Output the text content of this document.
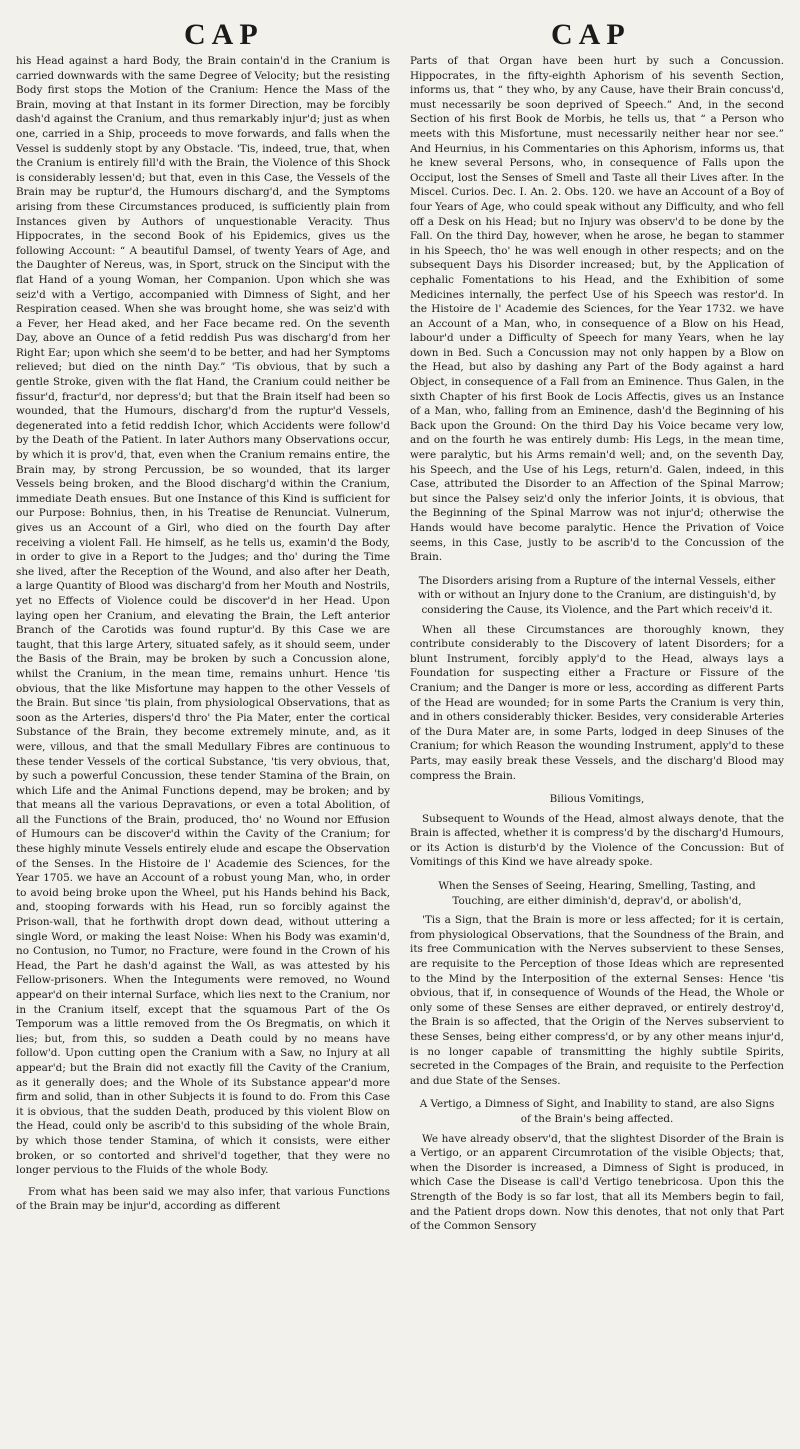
CAP	CAP

his Head against a hard Body, the Brain contain'd in the Cranium is carried downwards with the same Degree of Velocity; but the resisting Body first stops the Motion of the Cranium: Hence the Mass of the Brain, moving at that Instant in its former Direction, may be forcibly dash'd against the Cranium, and thus remarkably injur'd; just as when one, carried in a Ship, proceeds to move forwards, and falls when the Vessel is suddenly stopt by any Obstacle. 'Tis, indeed, true, that, when the Cranium is entirely fill'd with the Brain, the Violence of this Shock is considerably lessen'd; but that, even in this Case, the Vessels of the Brain may be ruptur'd, the Humours discharg'd, and the Symptoms arising from these Circumstances produced, is sufficiently plain from Instances given by Authors of unquestionable Veracity. Thus Hippocrates, in the second Book of his Epidemics, gives us the following Account: “ A beautiful Damsel, of twenty Years of Age, and the Daughter of Nereus, was, in Sport, struck on the Sinciput with the flat Hand of a young Woman, her Companion. Upon which she was seiz'd with a Vertigo, accompanied with Dimness of Sight, and her Respiration ceased. When she was brought home, she was seiz'd with a Fever, her Head aked, and her Face became red. On the seventh Day, above an Ounce of a fetid reddish Pus was discharg'd from her Right Ear; upon which she seem'd to be better, and had her Symptoms relieved; but died on the ninth Day.” 'Tis obvious, that by such a gentle Stroke, given with the flat Hand, the Cranium could neither be fissur'd, fractur'd, nor depress'd; but that the Brain itself had been so wounded, that the Humours, discharg'd from the ruptur'd Vessels, degenerated into a fetid reddish Ichor, which Accidents were follow'd by the Death of the Patient. In later Authors many Observations occur, by which it is prov'd, that, even when the Cranium remains entire, the Brain may, by strong Percussion, be so wounded, that its larger Vessels being broken, and the Blood discharg'd within the Cranium, immediate Death ensues. But one Instance of this Kind is sufficient for our Purpose: Bohnius, then, in his Treatise de Renunciat. Vulnerum, gives us an Account of a Girl, who died on the fourth Day after receiving a violent Fall. He himself, as he tells us, examin'd the Body, in order to give in a Report to the Judges; and tho' during the Time she lived, after the Reception of the Wound, and also after her Death, a large Quantity of Blood was discharg'd from her Mouth and Nostrils, yet no Effects of Violence could be discover'd in her Head. Upon laying open her Cranium, and elevating the Brain, the Left anterior Branch of the Carotids was found ruptur'd. By this Case we are taught, that this large Artery, situated safely, as it should seem, under the Basis of the Brain, may be broken by such a Concussion alone, whilst the Cranium, in the mean time, remains unhurt. Hence 'tis obvious, that the like Misfortune may happen to the other Vessels of the Brain. But since 'tis plain, from physiological Observations, that as soon as the Arteries, dispers'd thro' the Pia Mater, enter the cortical Substance of the Brain, they become extremely minute, and, as it were, villous, and that the small Medullary Fibres are continuous to these tender Vessels of the cortical Substance, 'tis very obvious, that, by such a powerful Concussion, these tender Stamina of the Brain, on which Life and the Animal Functions depend, may be broken; and by that means all the various Depravations, or even a total Abolition, of all the Functions of the Brain, produced, tho' no Wound nor Effusion of Humours can be discover'd within the Cavity of the Cranium; for these highly minute Vessels entirely elude and escape the Observation of the Senses. In the Histoire de l' Academie des Sciences, for the Year 1705. we have an Account of a robust young Man, who, in order to avoid being broke upon the Wheel, put his Hands behind his Back, and, stooping forwards with his Head, run so forcibly against the Prison-wall, that he forthwith dropt down dead, without uttering a single Word, or making the least Noise: When his Body was examin'd, no Contusion, no Tumor, no Fracture, were found in the Crown of his Head, the Part he dash'd against the Wall, as was attested by his Fellow-prisoners. When the Integuments were removed, no Wound appear'd on their internal Surface, which lies next to the Cranium, nor in the Cranium itself, except that the squamous Part of the Os Temporum was a little removed from the Os Bregmatis, on which it lies; but, from this, so sudden a Death could by no means have follow'd. Upon cutting open the Cranium with a Saw, no Injury at all appear'd; but the Brain did not exactly fill the Cavity of the Cranium, as it generally does; and the Whole of its Substance appear'd more firm and solid, than in other Subjects it is found to do. From this Case it is obvious, that the sudden Death, produced by this violent Blow on the Head, could only be ascrib'd to this subsiding of the whole Brain, by which those tender Stamina, of which it consists, were either broken, or so contorted and shrivel'd together, that they were no longer pervious to the Fluids of the whole Body.

From what has been said we may also infer, that various Functions of the Brain may be injur'd, according as different

Parts of that Organ have been hurt by such a Concussion. Hippocrates, in the fifty-eighth Aphorism of his seventh Section, informs us, that “ they who, by any Cause, have their Brain concuss'd, must necessarily be soon deprived of Speech.” And, in the second Section of his first Book de Morbis, he tells us, that “ a Person who meets with this Misfortune, must necessarily neither hear nor see.” And Heurnius, in his Commentaries on this Aphorism, informs us, that he knew several Persons, who, in consequence of Falls upon the Occiput, lost the Senses of Smell and Taste all their Lives after. In the Miscel. Curios. Dec. I. An. 2. Obs. 120. we have an Account of a Boy of four Years of Age, who could speak without any Difficulty, and who fell off a Desk on his Head; but no Injury was observ'd to be done by the Fall. On the third Day, however, when he arose, he began to stammer in his Speech, tho' he was well enough in other respects; and on the subsequent Days his Disorder increased; but, by the Application of cephalic Fomentations to his Head, and the Exhibition of some Medicines internally, the perfect Use of his Speech was restor'd. In the Histoire de l' Academie des Sciences, for the Year 1732. we have an Account of a Man, who, in consequence of a Blow on his Head, labour'd under a Difficulty of Speech for many Years, when he lay down in Bed. Such a Concussion may not only happen by a Blow on the Head, but also by dashing any Part of the Body against a hard Object, in consequence of a Fall from an Eminence. Thus Galen, in the sixth Chapter of his first Book de Locis Affectis, gives us an Instance of a Man, who, falling from an Eminence, dash'd the Beginning of his Back upon the Ground: On the third Day his Voice became very low, and on the fourth he was entirely dumb: His Legs, in the mean time, were paralytic, but his Arms remain'd well; and, on the seventh Day, his Speech, and the Use of his Legs, return'd. Galen, indeed, in this Case, attributed the Disorder to an Affection of the Spinal Marrow; but since the Palsey seiz'd only the inferior Joints, it is obvious, that the Beginning of the Spinal Marrow was not injur'd; otherwise the Hands would have become paralytic. Hence the Privation of Voice seems, in this Case, justly to be ascrib'd to the Concussion of the Brain.

The Disorders arising from a Rupture of the internal Vessels, either with or without an Injury done to the Cranium, are distinguish'd, by considering the Cause, its Violence, and the Part which receiv'd it.

When all these Circumstances are thoroughly known, they contribute considerably to the Discovery of latent Disorders; for a blunt Instrument, forcibly apply'd to the Head, always lays a Foundation for suspecting either a Fracture or Fissure of the Cranium; and the Danger is more or less, according as different Parts of the Head are wounded; for in some Parts the Cranium is very thin, and in others considerably thicker. Besides, very considerable Arteries of the Dura Mater are, in some Parts, lodged in deep Sinuses of the Cranium; for which Reason the wounding Instrument, apply'd to these Parts, may easily break these Vessels, and the discharg'd Blood may compress the Brain.

Bilious Vomitings,

Subsequent to Wounds of the Head, almost always denote, that the Brain is affected, whether it is compress'd by the discharg'd Humours, or its Action is disturb'd by the Violence of the Concussion: But of Vomitings of this Kind we have already spoke.

When the Senses of Seeing, Hearing, Smelling, Tasting, and Touching, are either diminish'd, deprav'd, or abolish'd,

'Tis a Sign, that the Brain is more or less affected; for it is certain, from physiological Observations, that the Soundness of the Brain, and its free Communication with the Nerves subservient to these Senses, are requisite to the Perception of those Ideas which are represented to the Mind by the Interposition of the external Senses: Hence 'tis obvious, that if, in consequence of Wounds of the Head, the Whole or only some of these Senses are either depraved, or entirely destroy'd, the Brain is so affected, that the Origin of the Nerves subservient to these Senses, being either compress'd, or by any other means injur'd, is no longer capable of transmitting the highly subtile Spirits, secreted in the Compages of the Brain, and requisite to the Perfection and due State of the Senses.

A Vertigo, a Dimness of Sight, and Inability to stand, are also Signs of the Brain's being affected.

We have already observ'd, that the slightest Disorder of the Brain is a Vertigo, or an apparent Circumrotation of the visible Objects; that, when the Disorder is increased, a Dimness of Sight is produced, in which Case the Disease is call'd Vertigo tenebricosa. Upon this the Strength of the Body is so far lost, that all its Members begin to fail, and the Patient drops down. Now this denotes, that not only that Part of the Common Sensory
